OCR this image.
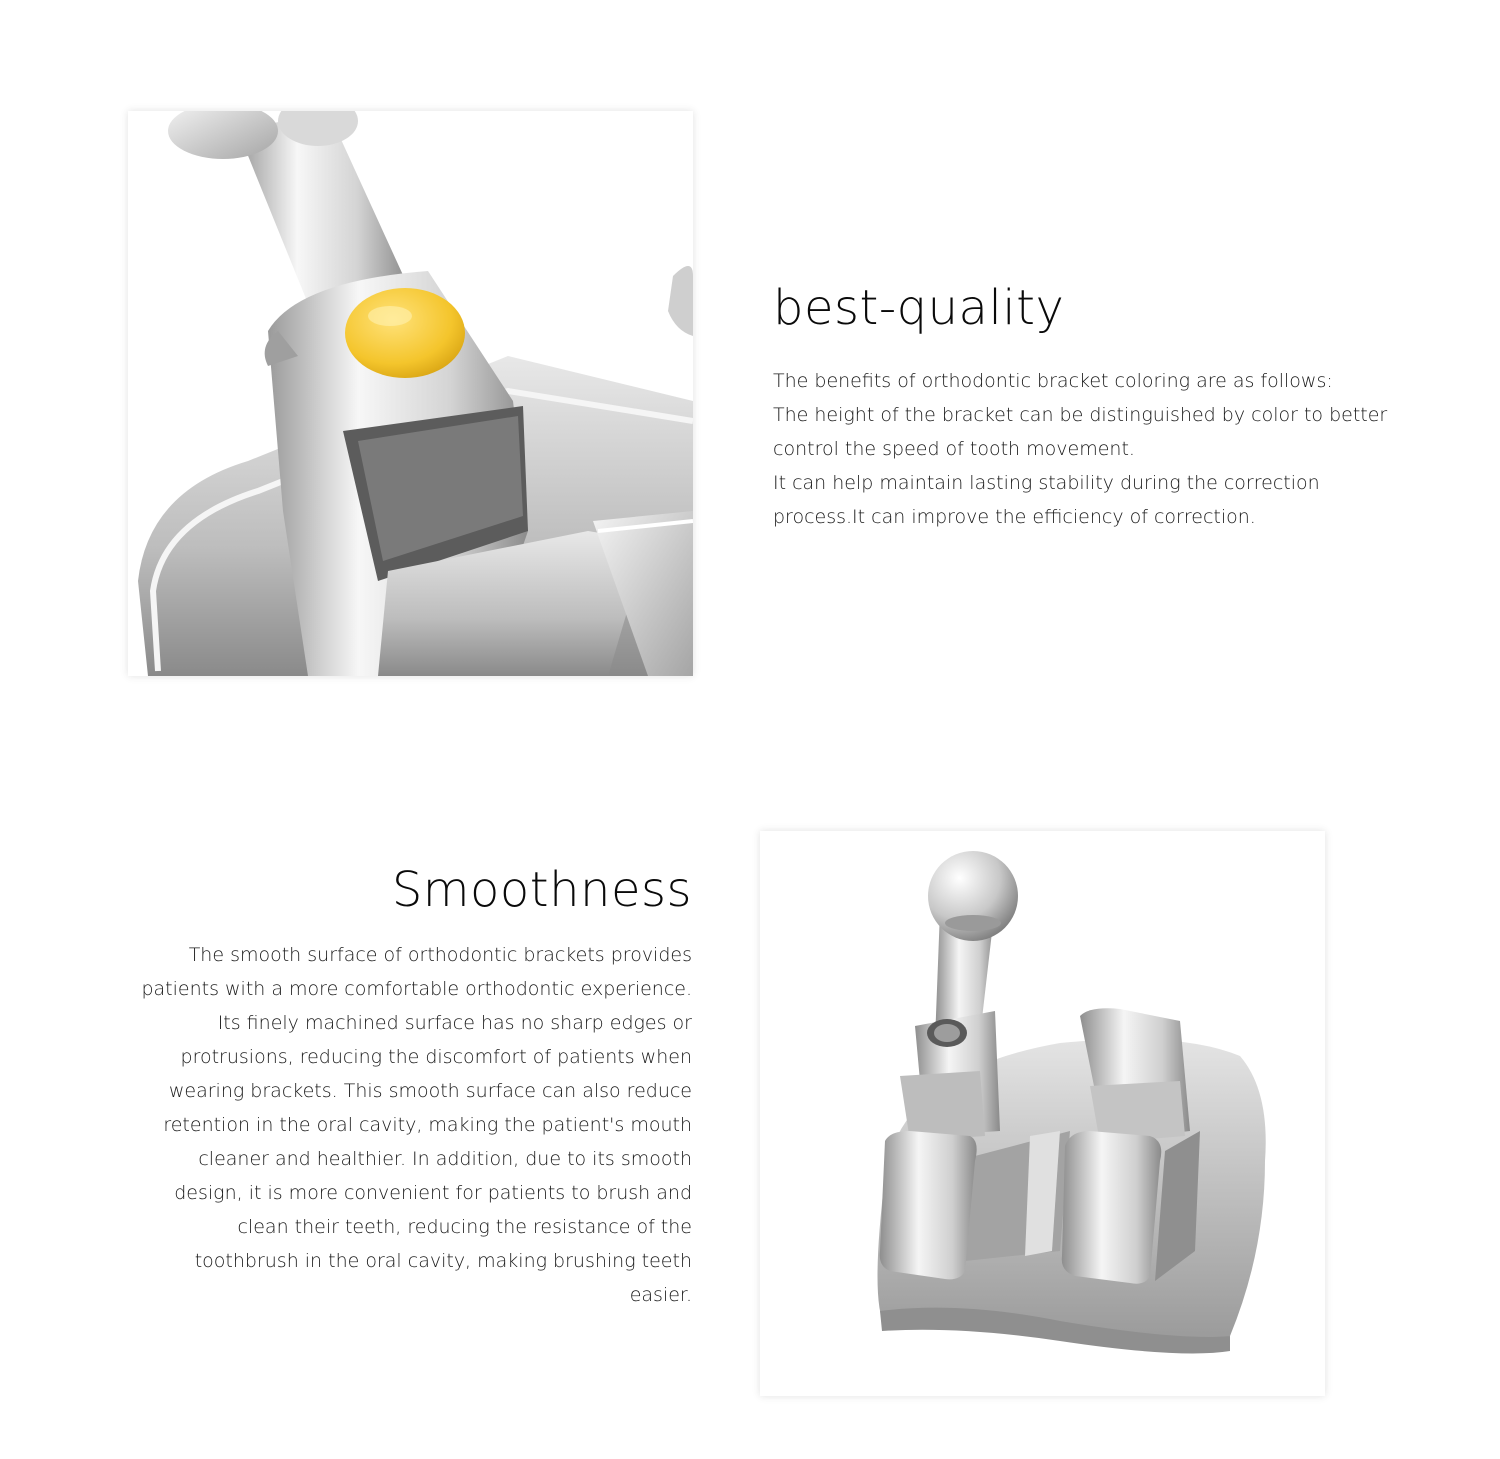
best-quality

The benefits of orthodontic bracket coloring are as follows:
The height of the bracket can be distinguished by color to better
control the speed of tooth movement.
It can help maintain lasting stability during the correction
process.It can improve the efficiency of correction.

Smoothness

The smooth surface of orthodontic brackets provides
patients with a more comfortable orthodontic experience.
Its finely machined surface has no sharp edges or
protrusions, reducing the discomfort of patients when
wearing brackets. This smooth surface can also reduce
retention in the oral cavity, making the patient's mouth
cleaner and healthier. In addition, due to its smooth
design, it is more convenient for patients to brush and
clean their teeth, reducing the resistance of the
toothbrush in the oral cavity, making brushing teeth
easier.
